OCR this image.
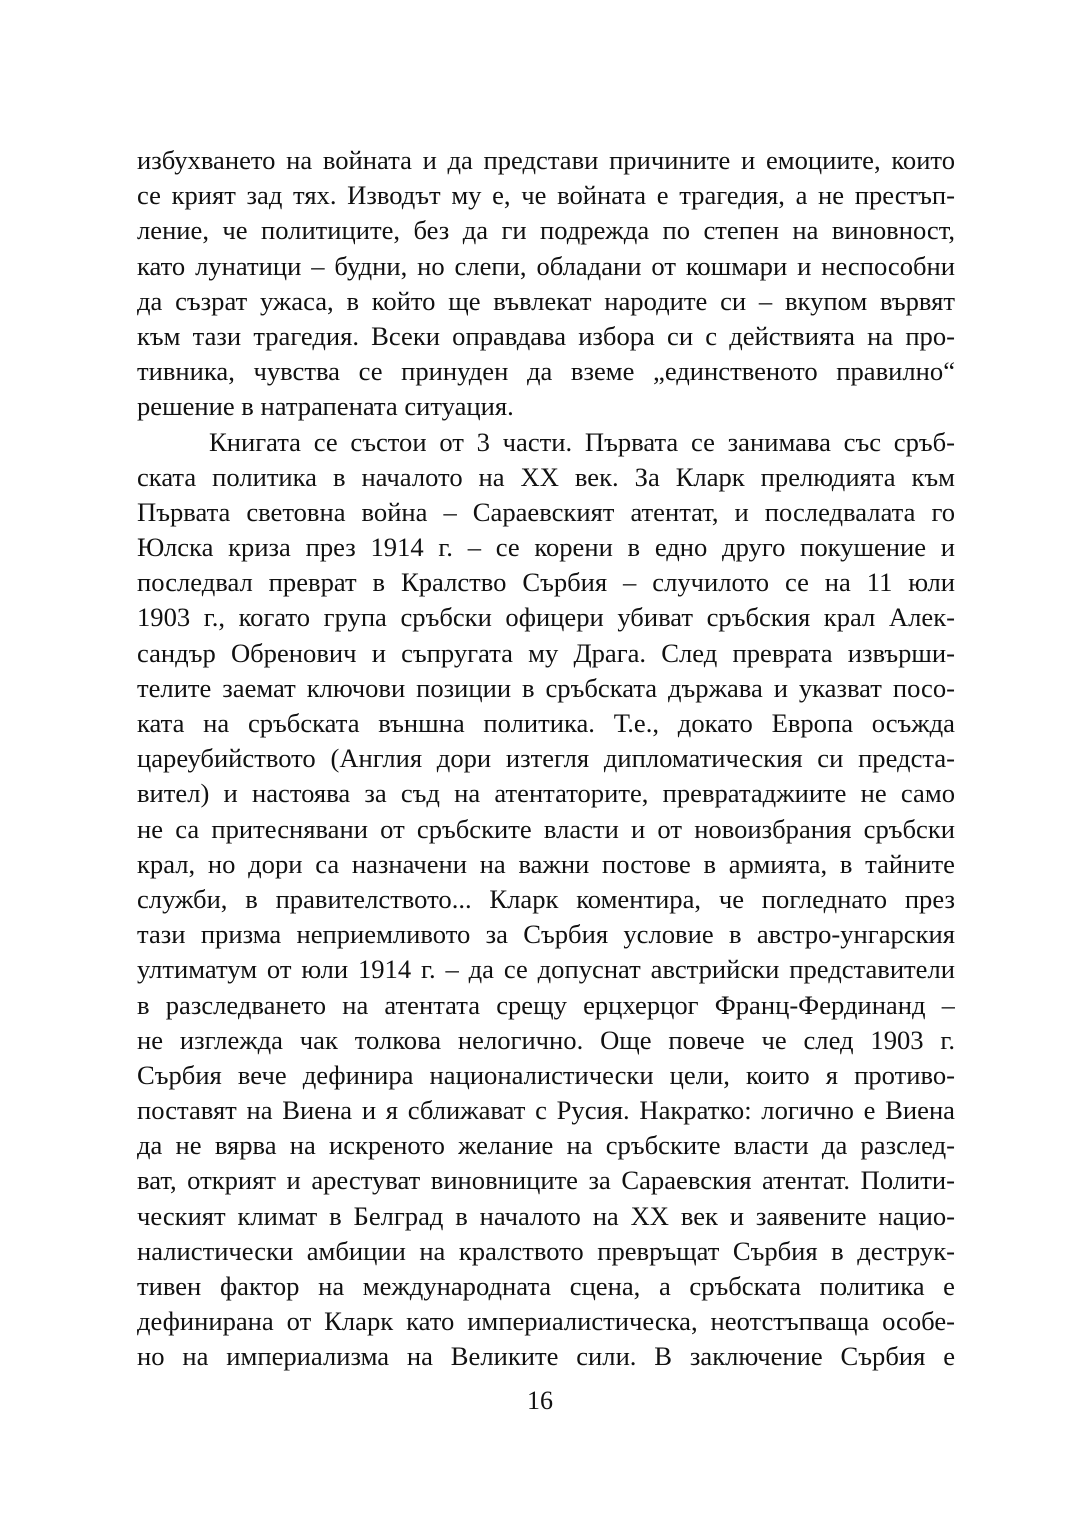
избухването на войната и да представи причините и емоциите, които
се крият зад тях. Изводът му е, че войната е трагедия, а не престъп-
ление, че политиците, без да ги подрежда по степен на виновност,
като лунатици – будни, но слепи, обладани от кошмари и неспособни
да съзрат ужаса, в който ще въвлекат народите си – вкупом вървят
към тази трагедия. Всеки оправдава избора си с действията на про-
тивника, чувства се принуден да вземе „единственото правилно“
решение в натрапената ситуация.
Книгата се състои от 3 части. Първата се занимава със сръб-
ската политика в началото на XX век. За Кларк прелюдията към
Първата световна война – Сараевският атентат, и последвалата го
Юлска криза през 1914 г. – се корени в едно друго покушение и
последвал преврат в Кралство Сърбия – случилото се на 11 юли
1903 г., когато група сръбски офицери убиват сръбския крал Алек-
сандър Обренович и съпругата му Драга. След преврата извърши-
телите заемат ключови позиции в сръбската държава и указват посо-
ката на сръбската външна политика. Т.е., докато Европа осъжда
цареубийството (Англия дори изтегля дипломатическия си предста-
вител) и настоява за съд на атентаторите, превратаджиите не само
не са притеснявани от сръбските власти и от новоизбрания сръбски
крал, но дори са назначени на важни постове в армията, в тайните
служби, в правителството... Кларк коментира, че погледнато през
тази призма неприемливото за Сърбия условие в австро-унгарския
ултиматум от юли 1914 г. – да се допуснат австрийски представители
в разследването на атентата срещу ерцхерцог Франц-Фердинанд –
не изглежда чак толкова нелогично. Още повече че след 1903 г.
Сърбия вече дефинира националистически цели, които я противо-
поставят на Виена и я сближават с Русия. Накратко: логично е Виена
да не вярва на искреното желание на сръбските власти да разслед-
ват, открият и арестуват виновниците за Сараевския атентат. Полити-
ческият климат в Белград в началото на XX век и заявените нацио-
налистически амбиции на кралството превръщат Сърбия в деструк-
тивен фактор на международната сцена, а сръбската политика е
дефинирана от Кларк като империалистическа, неотстъпваща особе-
но на империализма на Великите сили. В заключение Сърбия е
16
